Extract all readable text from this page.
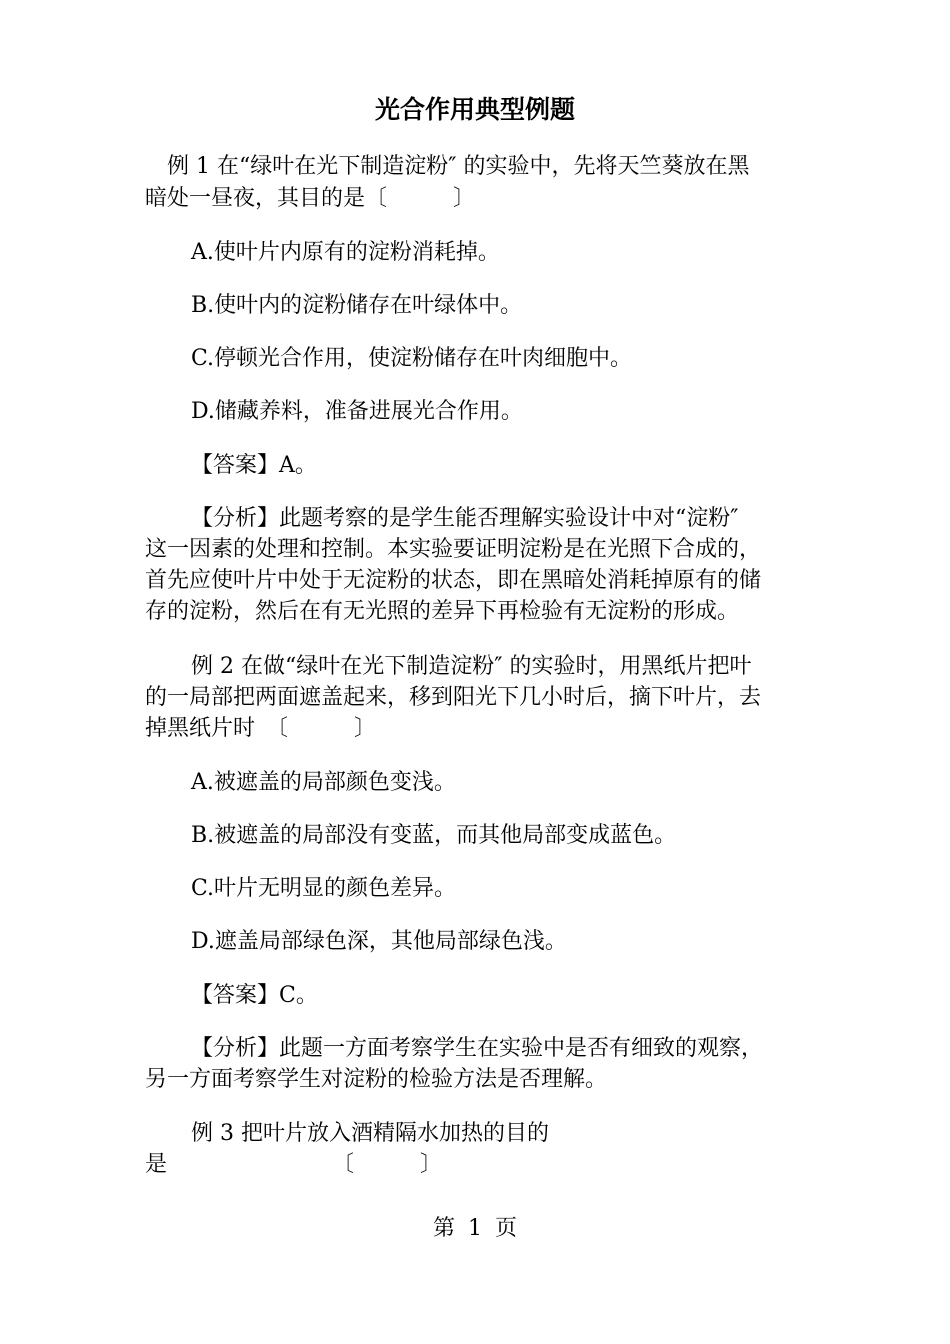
光合作用典型例题
例 1 在“绿叶在光下制造淀粉″ 的实验中，先将天竺葵放在黑
暗处一昼夜，其目的是〔　　　〕
A.使叶片内原有的淀粉消耗掉。
B.使叶内的淀粉储存在叶绿体中。
C.停顿光合作用，使淀粉储存在叶肉细胞中。
D.储藏养料，准备进展光合作用。
【答案】A。
【分析】此题考察的是学生能否理解实验设计中对“淀粉″
这一因素的处理和控制。本实验要证明淀粉是在光照下合成的，
首先应使叶片中处于无淀粉的状态，即在黑暗处消耗掉原有的储
存的淀粉，然后在有无光照的差异下再检验有无淀粉的形成。
例 2 在做“绿叶在光下制造淀粉″ 的实验时，用黑纸片把叶
的一局部把两面遮盖起来，移到阳光下几小时后，摘下叶片，去
掉黑纸片时　〔　　　〕
A.被遮盖的局部颜色变浅。
B.被遮盖的局部没有变蓝，而其他局部变成蓝色。
C.叶片无明显的颜色差异。
D.遮盖局部绿色深，其他局部绿色浅。
【答案】C。
【分析】此题一方面考察学生在实验中是否有细致的观察，
另一方面考察学生对淀粉的检验方法是否理解。
例 3 把叶片放入酒精隔水加热的目的
是　　　　　　　　〔　　　〕
第 1 页
